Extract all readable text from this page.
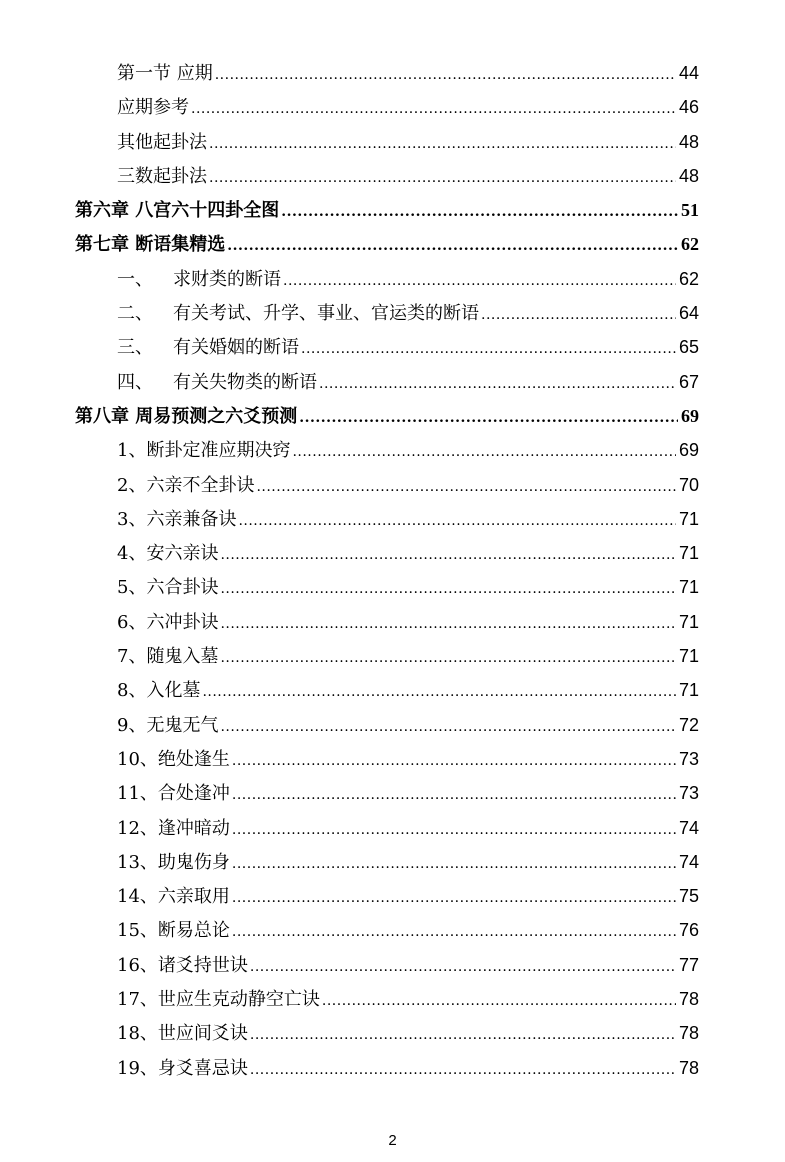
第一节 应期 .....	44
应期参考 .....	46
其他起卦法 .....	48
三数起卦法 .....	48
第六章 八宫六十四卦全图 .....	51
第七章 断语集精选 .....	62
一、	求财类的断语 .....	62
二、	有关考试、升学、事业、官运类的断语 .....	64
三、	有关婚姻的断语 .....	65
四、	有关失物类的断语 .....	67
第八章 周易预测之六爻预测 .....	69
1、断卦定准应期决窍 .....	69
2、六亲不全卦诀 .....	70
3、六亲兼备诀 .....	71
4、安六亲诀 .....	71
5、六合卦诀 .....	71
6、六冲卦诀 .....	71
7、随鬼入墓 .....	71
8、入化墓 .....	71
9、无鬼无气 .....	72
10、绝处逢生 .....	73
11、合处逢冲 .....	73
12、逢冲暗动 .....	74
13、助鬼伤身 .....	74
14、六亲取用 .....	75
15、断易总论 .....	76
16、诸爻持世诀 .....	77
17、世应生克动静空亡诀 .....	78
18、世应间爻诀 .....	78
19、身爻喜忌诀 .....	78
2
